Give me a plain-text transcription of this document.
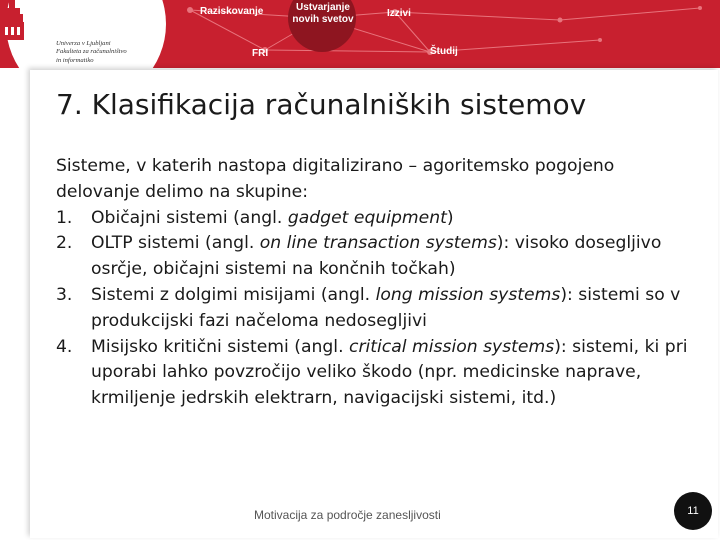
Raziskovanje	Ustvarjanje
novih svetov
Izzivi
FRI	Študij
Univerza v Ljubljani
Fakulteta za računalništvo
in informatiko
7. Klasifikacija računalniških sistemov

Sisteme, v katerih nastopa digitalizirano – agoritemsko pogojeno delovanje delimo na skupine:

1. Običajni sistemi (angl. gadget equipment)
2. OLTP sistemi (angl. on line transaction systems): visoko dosegljivo osrčje, običajni sistemi na končnih točkah)
3. Sistemi z dolgimi misijami (angl. long mission systems): sistemi so v produkcijski fazi načeloma nedosegljivi
4. Misijsko kritični sistemi (angl. critical mission systems): sistemi, ki pri uporabi lahko povzročijo veliko škodo (npr. medicinske naprave, krmiljenje jedrskih elektrarn, navigacijski sistemi, itd.)
Motivacija za področje zanesljivosti	11
